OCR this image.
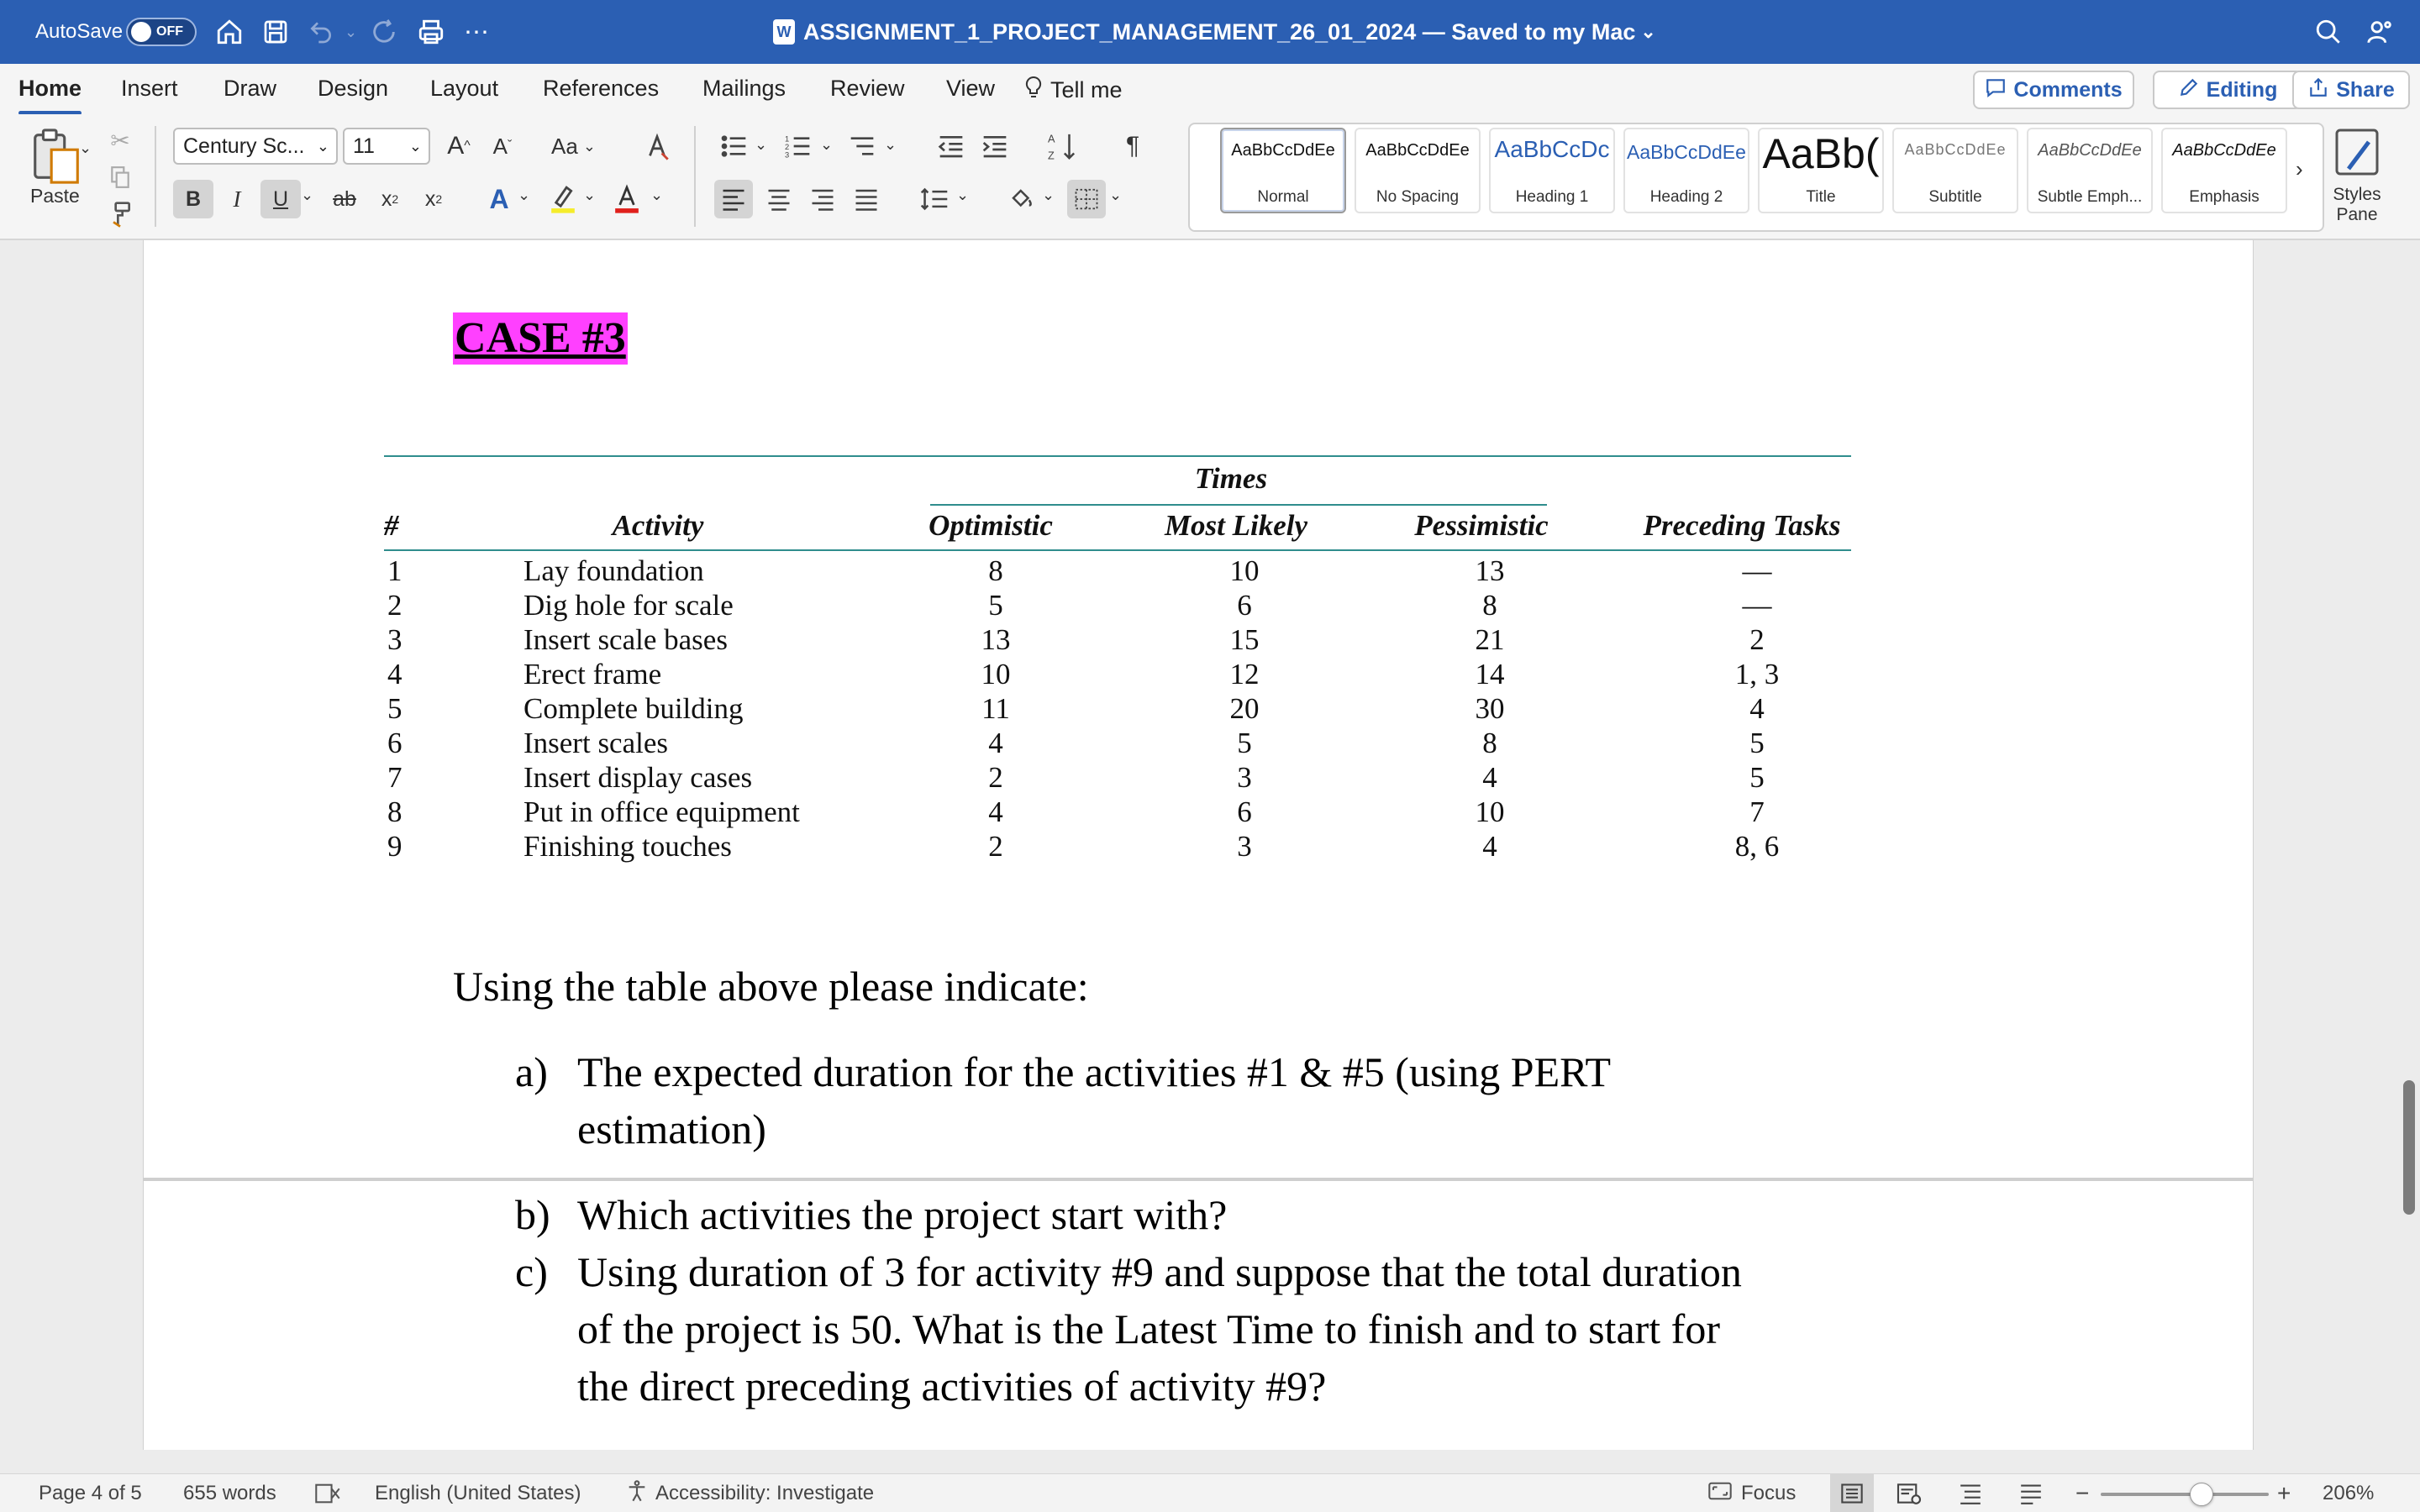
AutoSave OFF	⌄	⋯	W ASSIGNMENT_1_PROJECT_MANAGEMENT_26_01_2024 — Saved to my Mac ⌄
Home Insert Draw Design Layout References Mailings Review View Tell me	Comments	Editing	Share
⌄
Paste
✂	Century Sc... ⌄ 11 ⌄ A ^	A ˇ Aa ⌄
B	I	U ⌄ ab x 2 x 2 A ⌄	⌄	⌄
⌄	1
2
3
⌄	⌄	A
Z	¶
⌄	⌄	⌄
AaBbCcDdEe
Normal
AaBbCcDdEe
No Spacing
AaBbCcDc
Heading 1
AaBbCcDdEe
Heading 2
AaBb(
Title
AaBbCcDdEe
Subtitle
AaBbCcDdEe
Subtle Emph...
AaBbCcDdEe
Emphasis
›
Styles
Pane
CASE #3
Times
#	Activity	Optimistic	Most Likely	Pessimistic	Preceding Tasks
1	Lay foundation	8	10	13	—
2	Dig hole for scale	5	6	8	—
3	Insert scale bases	13	15	21	2
4	Erect frame	10	12	14	1, 3
5	Complete building	11	20	30	4
6	Insert scales	4	5	8	5
7	Insert display cases	2	3	4	5
8	Put in office equipment	4	6	10	7
9	Finishing touches	2	3	4	8, 6
Using the table above please indicate:
a) The expected duration for the activities #1 & #5 (using PERT
estimation)
b) Which activities the project start with?
c) Using duration of 3 for activity #9 and suppose that the total duration
of the project is 50. What is the Latest Time to finish and to start for
the direct preceding activities of activity #9?
Page 4 of 5 655 words	English (United States)	Accessibility: Investigate	Focus	−	+ 206%
